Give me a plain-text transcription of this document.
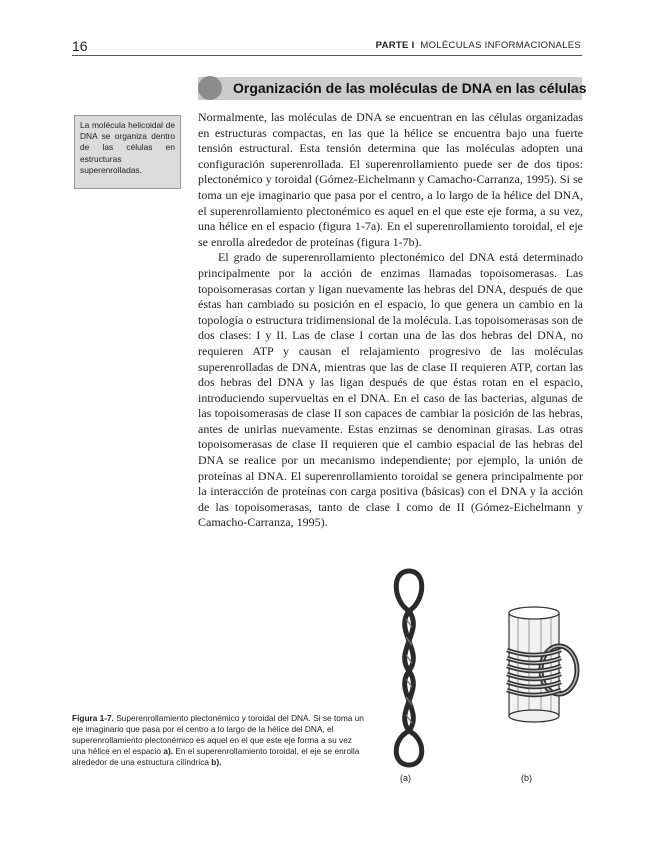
16	PARTE I MOLÉCULAS INFORMACIONALES
Organización de las moléculas de DNA en las células
La molécula helicoidal de DNA se organiza dentro de las células en estructuras superenrolladas.

Normalmente, las moléculas de DNA se encuentran en las células organizadas en estructuras compactas, en las que la hélice se encuentra bajo una fuerte tensión estructural. Esta tensión determina que las moléculas adopten una configuración superenrollada. El superenrollamiento puede ser de dos tipos: plectonémico y toroidal (Gómez-Eichelmann y Camacho-Carranza, 1995). Si se toma un eje imaginario que pasa por el centro, a lo largo de la hélice del DNA, el superenrollamiento plectonémico es aquel en el que este eje forma, a su vez, una hélice en el espacio (figura 1-7a). En el superenrollamiento toroidal, el eje se enrolla alrededor de proteínas (figura 1-7b).

El grado de superenrollamiento plectonémico del DNA está determinado principalmente por la acción de enzimas llamadas topoisomerasas. Las topoisomerasas cortan y ligan nuevamente las hebras del DNA, después de que éstas han cambiado su posición en el espacio, lo que genera un cambio en la topología o estructura tridimensional de la molécula. Las topoisomerasas son de dos clases: I y II. Las de clase I cortan una de las dos hebras del DNA, no requieren ATP y causan el relajamiento progresivo de las moléculas superenrolladas de DNA, mientras que las de clase II requieren ATP, cortan las dos hebras del DNA y las ligan después de que éstas rotan en el espacio, introduciendo supervueltas en el DNA. En el caso de las bacterias, algunas de las topoisomerasas de clase II son capaces de cambiar la posición de las hebras, antes de unirlas nuevamente. Estas enzimas se denominan girasas. Las otras topoisomerasas de clase II requieren que el cambio espacial de las hebras del DNA se realice por un mecanismo independiente; por ejemplo, la unión de proteínas al DNA. El superenrollamiento toroidal se genera principalmente por la interacción de proteínas con carga positiva (básicas) con el DNA y la acción de las topoisomerasas, tanto de clase I como de II (Gómez-Eichelmann y Camacho-Carranza, 1995).

(a)	(b)
Figura 1-7. Superenrollamiento plectonémico y toroidal del DNA. Si se toma un eje imaginario que pasa por el centro a lo largo de la hélice del DNA, el superenrollamiento plectonémico es aquel en el que este eje forma a su vez una hélice en el espacio a). En el superenrollamiento toroidal, el eje se enrolla alrededor de una estructura cilíndrica b).
